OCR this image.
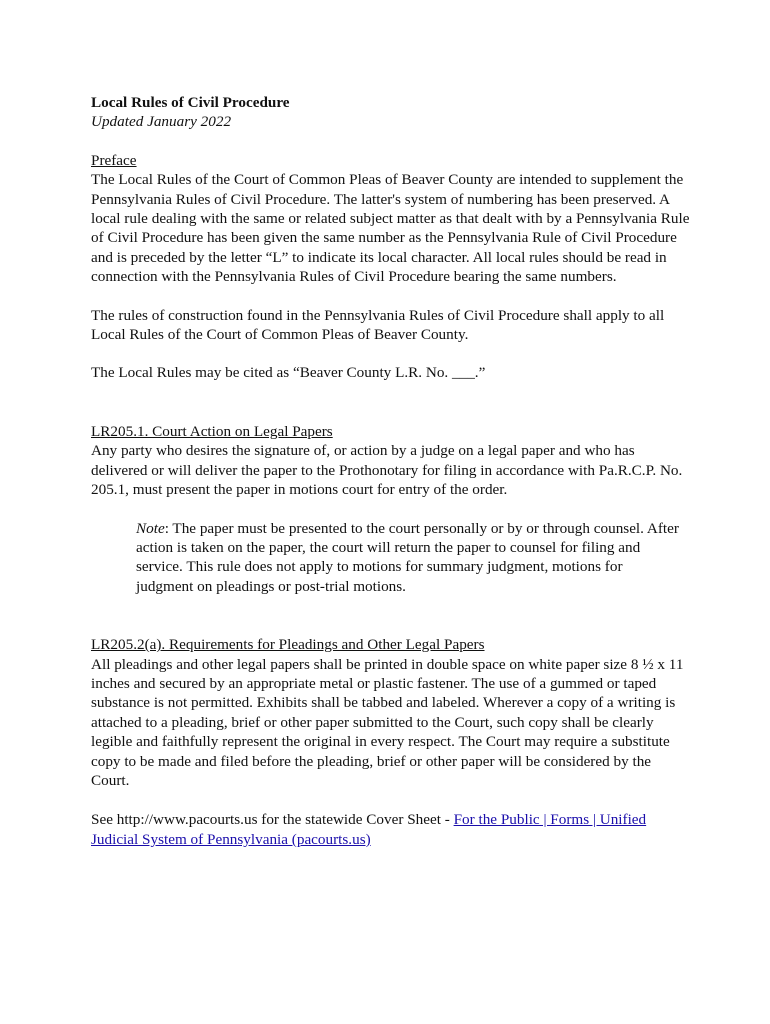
Local Rules of Civil Procedure

Updated January 2022

Preface

The Local Rules of the Court of Common Pleas of Beaver County are intended to supplement the Pennsylvania Rules of Civil Procedure. The latter's system of numbering has been preserved. A local rule dealing with the same or related subject matter as that dealt with by a Pennsylvania Rule of Civil Procedure has been given the same number as the Pennsylvania Rule of Civil Procedure and is preceded by the letter “L” to indicate its local character. All local rules should be read in connection with the Pennsylvania Rules of Civil Procedure bearing the same numbers.

The rules of construction found in the Pennsylvania Rules of Civil Procedure shall apply to all Local Rules of the Court of Common Pleas of Beaver County.

The Local Rules may be cited as “Beaver County L.R. No. ___.”

LR205.1. Court Action on Legal Papers

Any party who desires the signature of, or action by a judge on a legal paper and who has delivered or will deliver the paper to the Prothonotary for filing in accordance with Pa.R.C.P. No. 205.1, must present the paper in motions court for entry of the order.

Note: The paper must be presented to the court personally or by or through counsel. After action is taken on the paper, the court will return the paper to counsel for filing and service. This rule does not apply to motions for summary judgment, motions for judgment on pleadings or post-trial motions.

LR205.2(a). Requirements for Pleadings and Other Legal Papers

All pleadings and other legal papers shall be printed in double space on white paper size 8 ½ x 11 inches and secured by an appropriate metal or plastic fastener. The use of a gummed or taped substance is not permitted. Exhibits shall be tabbed and labeled. Wherever a copy of a writing is attached to a pleading, brief or other paper submitted to the Court, such copy shall be clearly legible and faithfully represent the original in every respect. The Court may require a substitute copy to be made and filed before the pleading, brief or other paper will be considered by the Court.

See http://www.pacourts.us for the statewide Cover Sheet - For the Public | Forms | Unified Judicial System of Pennsylvania (pacourts.us)
